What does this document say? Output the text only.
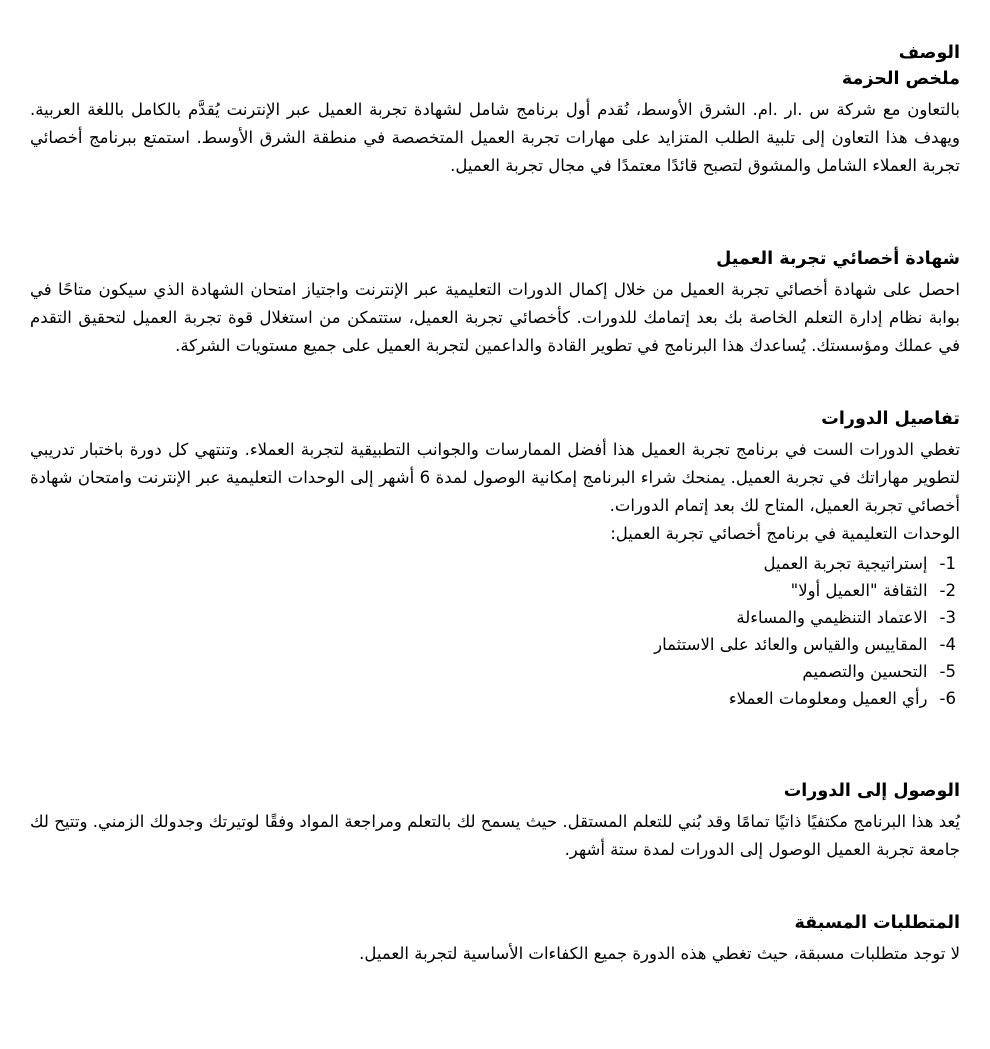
الوصف
ملخص الحزمة

بالتعاون مع شركة س .ار .ام. الشرق الأوسط، نُقدم أول برنامج شامل لشهادة تجربة العميل عبر الإنترنت يُقدَّم بالكامل باللغة العربية. ويهدف هذا التعاون إلى تلبية الطلب المتزايد على مهارات تجربة العميل المتخصصة في منطقة الشرق الأوسط. استمتع ببرنامج أخصائي تجربة العملاء الشامل والمشوق لتصبح قائدًا معتمدًا في مجال تجربة العميل.

شهادة أخصائي تجربة العميل

احصل على شهادة أخصائي تجربة العميل من خلال إكمال الدورات التعليمية عبر الإنترنت واجتياز امتحان الشهادة الذي سيكون متاحًا في بوابة نظام إدارة التعلم الخاصة بك بعد إتمامك للدورات. كأخصائي تجربة العميل، ستتمكن من استغلال قوة تجربة العميل لتحقيق التقدم في عملك ومؤسستك. يُساعدك هذا البرنامج في تطوير القادة والداعمين لتجربة العميل على جميع مستويات الشركة.

تفاصيل الدورات

تغطي الدورات الست في برنامج تجربة العميل هذا أفضل الممارسات والجوانب التطبيقية لتجربة العملاء. وتنتهي كل دورة باختبار تدريبي لتطوير مهاراتك في تجربة العميل. يمنحك شراء البرنامج إمكانية الوصول لمدة 6 أشهر إلى الوحدات التعليمية عبر الإنترنت وامتحان شهادة أخصائي تجربة العميل، المتاح لك بعد إتمام الدورات.

الوحدات التعليمية في برنامج أخصائي تجربة العميل:

1-
إستراتيجية تجربة العميل
2-
الثقافة "العميل أولا"
3-
الاعتماد التنظيمي والمساءلة
4-
المقاييس والقياس والعائد على الاستثمار
5-
التحسين والتصميم
6-
رأي العميل ومعلومات العملاء
الوصول إلى الدورات

يُعد هذا البرنامج مكتفيًا ذاتيًا تمامًا وقد بُني للتعلم المستقل. حيث يسمح لك بالتعلم ومراجعة المواد وفقًا لوتيرتك وجدولك الزمني. وتتيح لك جامعة تجربة العميل الوصول إلى الدورات لمدة ستة أشهر.

المتطلبات المسبقة

لا توجد متطلبات مسبقة، حيث تغطي هذه الدورة جميع الكفاءات الأساسية لتجربة العميل.
